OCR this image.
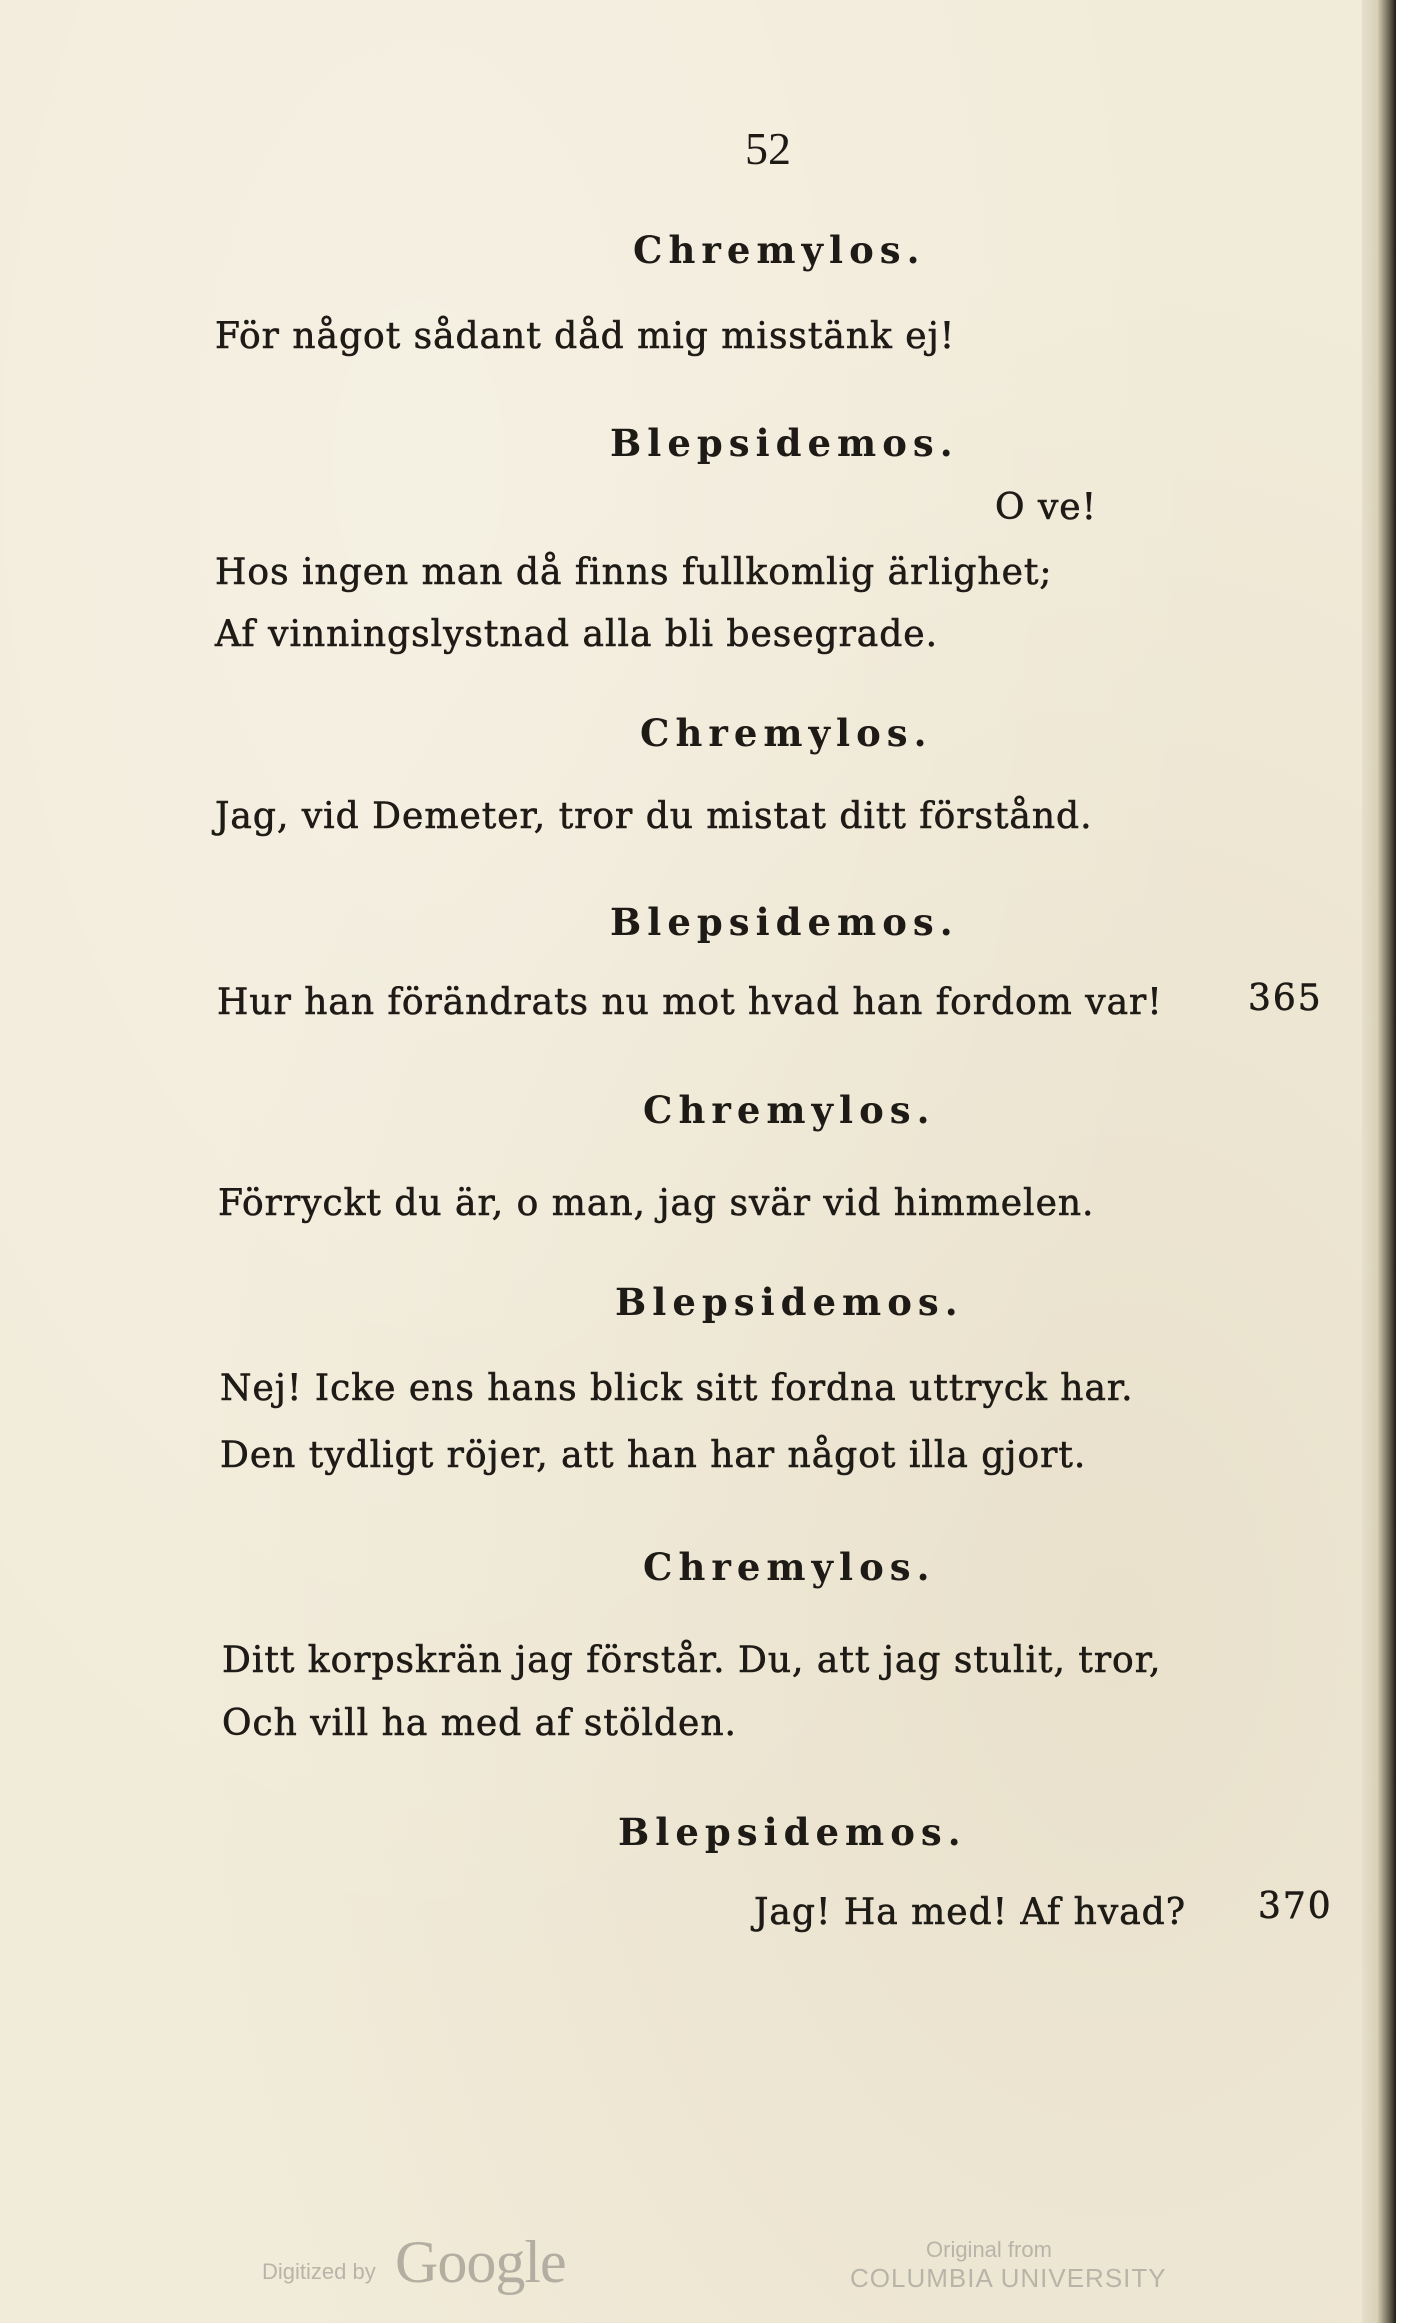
52
Chremylos.
För något sådant dåd mig misstänk ej!
Blepsidemos.
O ve!
Hos ingen man då finns fullkomlig ärlighet;
Af vinningslystnad alla bli besegrade.
Chremylos.
Jag, vid Demeter, tror du mistat ditt förstånd.
Blepsidemos.
Hur han förändrats nu mot hvad han fordom var! 365
Chremylos.
Förryckt du är, o man, jag svär vid himmelen.
Blepsidemos.
Nej! Icke ens hans blick sitt fordna uttryck har.
Den tydligt röjer, att han har något illa gjort.
Chremylos.
Ditt korpskrän jag förstår. Du, att jag stulit, tror,
Och vill ha med af stölden.
Blepsidemos.
Jag! Ha med! Af hvad? 370
Digitized by Google	Original from
COLUMBIA UNIVERSITY
